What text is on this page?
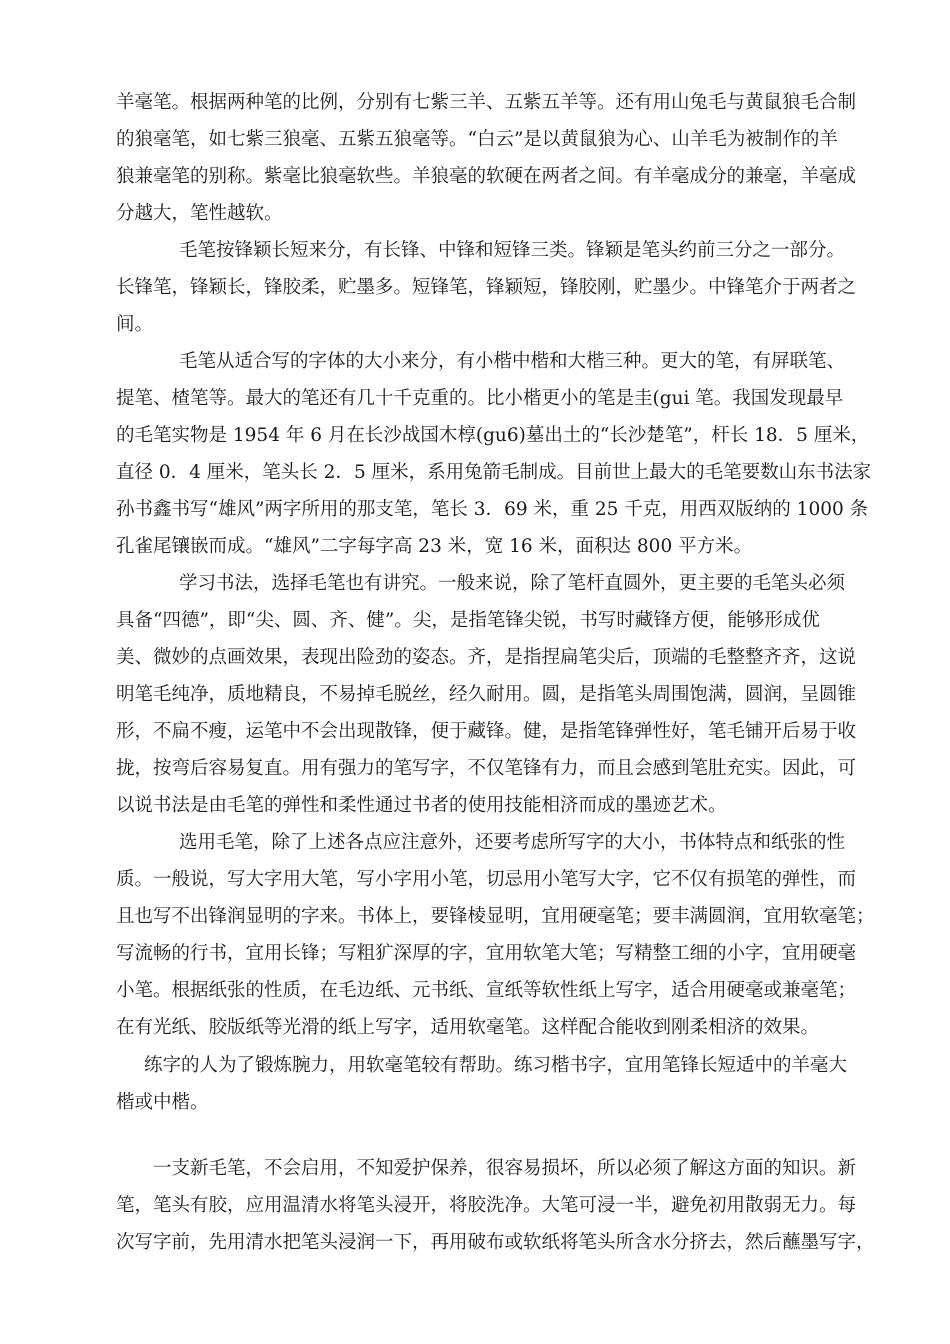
羊毫笔。根据两种笔的比例，分别有七紫三羊、五紫五羊等。还有用山兔毛与黄鼠狼毛合制
的狼毫笔，如七紫三狼毫、五紫五狼毫等。“白云”是以黄鼠狼为心、山羊毛为被制作的羊
狼兼毫笔的别称。紫毫比狼毫软些。羊狼毫的软硬在两者之间。有羊毫成分的兼毫，羊毫成
分越大，笔性越软。
毛笔按锋颖长短来分，有长锋、中锋和短锋三类。锋颖是笔头约前三分之一部分。
长锋笔，锋颖长，锋胶柔，贮墨多。短锋笔，锋颖短，锋胶刚，贮墨少。中锋笔介于两者之
间。
毛笔从适合写的字体的大小来分，有小楷中楷和大楷三种。更大的笔，有屏联笔、
提笔、楂笔等。最大的笔还有几十千克重的。比小楷更小的笔是圭(gui 笔。我国发现最早
的毛笔实物是 1954 年 6 月在长沙战国木椁(gu6)墓出土的“长沙楚笔”，杆长 18．5 厘米，
直径 0．4 厘米，笔头长 2．5 厘米，系用兔箭毛制成。目前世上最大的毛笔要数山东书法家
孙书鑫书写“雄风”两字所用的那支笔，笔长 3．69 米，重 25 千克，用西双版纳的 1000 条
孔雀尾镶嵌而成。“雄风”二字每字高 23 米，宽 16 米，面积达 800 平方米。
学习书法，选择毛笔也有讲究。一般来说，除了笔杆直圆外，更主要的毛笔头必须
具备“四德”，即“尖、圆、齐、健”。尖，是指笔锋尖锐，书写时藏锋方便，能够形成优
美、微妙的点画效果，表现出险劲的姿态。齐，是指捏扁笔尖后，顶端的毛整整齐齐，这说
明笔毛纯净，质地精良，不易掉毛脱丝，经久耐用。圆，是指笔头周围饱满，圆润，呈圆锥
形，不扁不瘦，运笔中不会出现散锋，便于藏锋。健，是指笔锋弹性好，笔毛铺开后易于收
拢，按弯后容易复直。用有强力的笔写字，不仅笔锋有力，而且会感到笔肚充实。因此，可
以说书法是由毛笔的弹性和柔性通过书者的使用技能相济而成的墨迹艺术。
选用毛笔，除了上述各点应注意外，还要考虑所写字的大小，书体特点和纸张的性
质。一般说，写大字用大笔，写小字用小笔，切忌用小笔写大字，它不仅有损笔的弹性，而
且也写不出锋润显明的字来。书体上，要锋棱显明，宜用硬毫笔；要丰满圆润，宜用软毫笔；
写流畅的行书，宜用长锋；写粗犷深厚的字，宜用软笔大笔；写精整工细的小字，宜用硬毫
小笔。根据纸张的性质，在毛边纸、元书纸、宣纸等软性纸上写字，适合用硬毫或兼毫笔；
在有光纸、胶版纸等光滑的纸上写字，适用软毫笔。这样配合能收到刚柔相济的效果。
练字的人为了锻炼腕力，用软毫笔较有帮助。练习楷书字，宜用笔锋长短适中的羊毫大
楷或中楷。
一支新毛笔，不会启用，不知爱护保养，很容易损坏，所以必须了解这方面的知识。新
笔，笔头有胶，应用温清水将笔头浸开，将胶洗净。大笔可浸一半，避免初用散弱无力。每
次写字前，先用清水把笔头浸润一下，再用破布或软纸将笔头所含水分挤去，然后蘸墨写字，
